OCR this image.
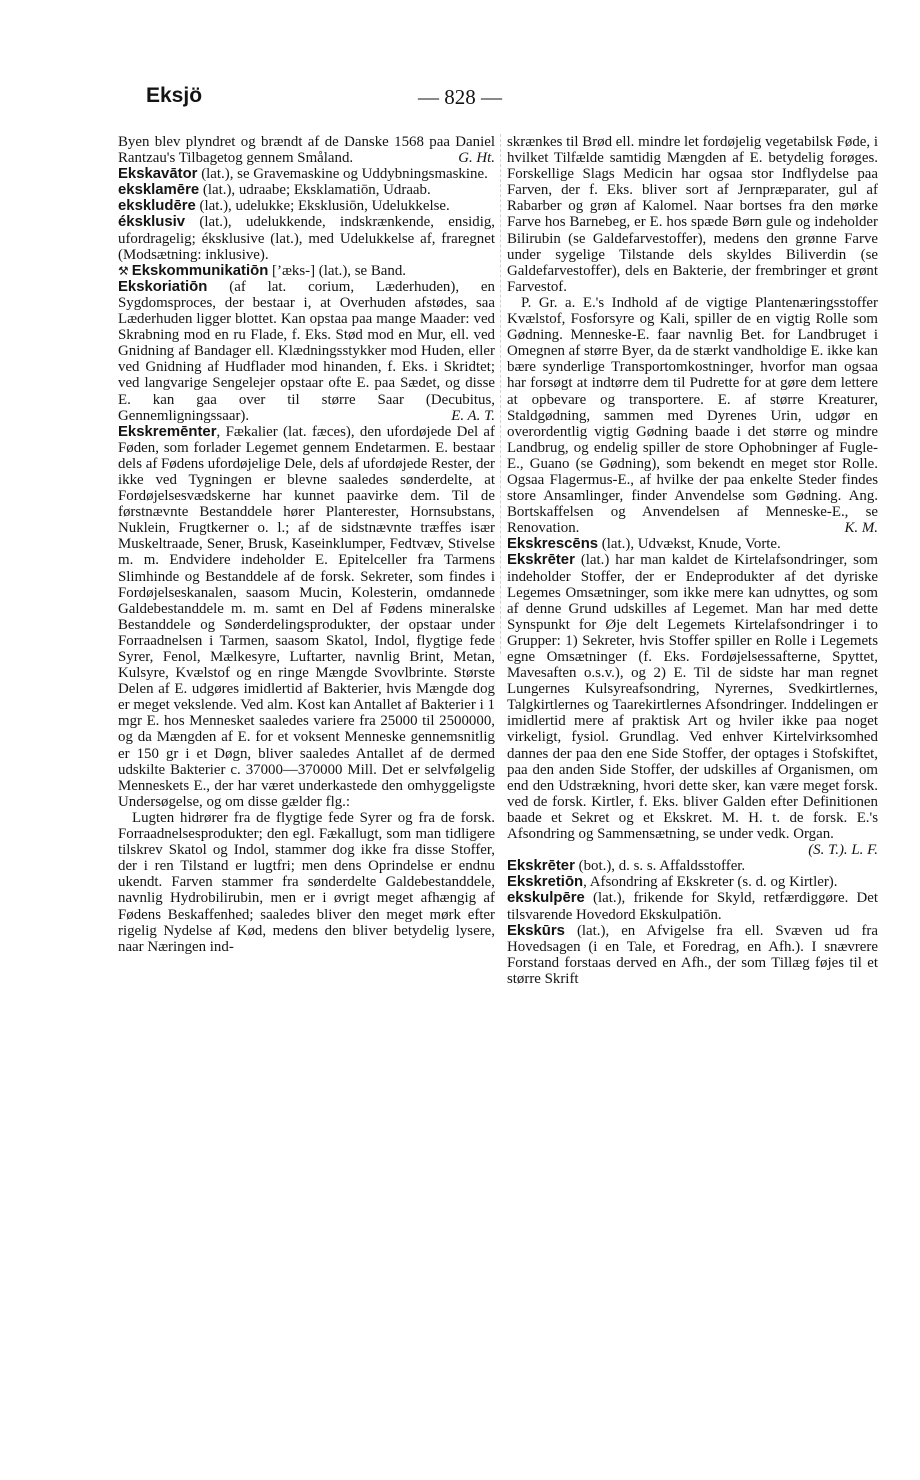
Eksjö	— 828 —

Byen blev plyndret og brændt af de Danske 1568 paa Daniel Rantzau's Tilbagetog gennem Småland.	G. Ht.

Ekskavātor (lat.), se Gravemaskine og Uddybningsmaskine.

eksklamēre (lat.), udraabe; Eksklamatiōn, Udraab.

ekskludēre (lat.), udelukke; Eksklusiōn, Udelukkelse.

éksklusiv (lat.), udelukkende, indskrænkende, ensidig, ufordragelig; éksklusive (lat.), med Udelukkelse af, fraregnet (Modsætning: inklusive).

⚒ Ekskommunikatiōn [’æks-] (lat.), se Band.

Ekskoriatiōn (af lat. corium, Læderhuden), en Sygdomsproces, der bestaar i, at Overhuden afstødes, saa Læderhuden ligger blottet. Kan opstaa paa mange Maader: ved Skrabning mod en ru Flade, f. Eks. Stød mod en Mur, ell. ved Gnidning af Bandager ell. Klædningsstykker mod Huden, eller ved Gnidning af Hudflader mod hinanden, f. Eks. i Skridtet; ved langvarige Sengelejer opstaar ofte E. paa Sædet, og disse E. kan gaa over til større Saar (Decubitus, Gennemligningssaar).	E. A. T.

Ekskremēnter, Fækalier (lat. fæces), den ufordøjede Del af Føden, som forlader Legemet gennem Endetarmen. E. bestaar dels af Fødens ufordøjelige Dele, dels af ufordøjede Rester, der ikke ved Tygningen er blevne saaledes sønderdelte, at Fordøjelsesvædskerne har kunnet paavirke dem. Til de førstnævnte Bestanddele hører Planterester, Hornsubstans, Nuklein, Frugtkerner o. l.; af de sidstnævnte træffes især Muskeltraade, Sener, Brusk, Kaseinklumper, Fedtvæv, Stivelse m. m. Endvidere indeholder E. Epitelceller fra Tarmens Slimhinde og Bestanddele af de forsk. Sekreter, som findes i Fordøjelseskanalen, saasom Mucin, Kolesterin, omdannede Galdebestanddele m. m. samt en Del af Fødens mineralske Bestanddele og Sønderdelingsprodukter, der opstaar under Forraadnelsen i Tarmen, saasom Skatol, Indol, flygtige fede Syrer, Fenol, Mælkesyre, Luftarter, navnlig Brint, Metan, Kulsyre, Kvælstof og en ringe Mængde Svovlbrinte. Største Delen af E. udgøres imidlertid af Bakterier, hvis Mængde dog er meget vekslende. Ved alm. Kost kan Antallet af Bakterier i 1 mgr E. hos Mennesket saaledes variere fra 25000 til 2500000, og da Mængden af E. for et voksent Menneske gennemsnitlig er 150 gr i et Døgn, bliver saaledes Antallet af de dermed udskilte Bakterier c. 37000—370000 Mill. Det er selvfølgelig Menneskets E., der har været underkastede den omhyggeligste Undersøgelse, og om disse gælder flg.:

Lugten hidrører fra de flygtige fede Syrer og fra de forsk. Forraadnelsesprodukter; den egl. Fækallugt, som man tidligere tilskrev Skatol og Indol, stammer dog ikke fra disse Stoffer, der i ren Tilstand er lugtfri; men dens Oprindelse er endnu ukendt. Farven stammer fra sønderdelte Galdebestanddele, navnlig Hydrobilirubin, men er i øvrigt meget afhængig af Fødens Beskaffenhed; saaledes bliver den meget mørk efter rigelig Nydelse af Kød, medens den bliver betydelig lysere, naar Næringen ind-

skrænkes til Brød ell. mindre let fordøjelig vegetabilsk Føde, i hvilket Tilfælde samtidig Mængden af E. betydelig forøges. Forskellige Slags Medicin har ogsaa stor Indflydelse paa Farven, der f. Eks. bliver sort af Jernpræparater, gul af Rabarber og grøn af Kalomel. Naar bortses fra den mørke Farve hos Barnebeg, er E. hos spæde Børn gule og indeholder Bilirubin (se Galdefarvestoffer), medens den grønne Farve under sygelige Tilstande dels skyldes Biliverdin (se Galdefarvestoffer), dels en Bakterie, der frembringer et grønt Farvestof.

P. Gr. a. E.'s Indhold af de vigtige Plantenæringsstoffer Kvælstof, Fosforsyre og Kali, spiller de en vigtig Rolle som Gødning. Menneske-E. faar navnlig Bet. for Landbruget i Omegnen af større Byer, da de stærkt vandholdige E. ikke kan bære synderlige Transportomkostninger, hvorfor man ogsaa har forsøgt at indtørre dem til Pudrette for at gøre dem lettere at opbevare og transportere. E. af større Kreaturer, Staldgødning, sammen med Dyrenes Urin, udgør en overordentlig vigtig Gødning baade i det større og mindre Landbrug, og endelig spiller de store Ophobninger af Fugle-E., Guano (se Gødning), som bekendt en meget stor Rolle. Ogsaa Flagermus-E., af hvilke der paa enkelte Steder findes store Ansamlinger, finder Anvendelse som Gødning. Ang. Bortskaffelsen og Anvendelsen af Menneske-E., se Renovation.	K. M.

Ekskrescēns (lat.), Udvækst, Knude, Vorte.

Ekskrēter (lat.) har man kaldet de Kirtelafsondringer, som indeholder Stoffer, der er Endeprodukter af det dyriske Legemes Omsætninger, som ikke mere kan udnyttes, og som af denne Grund udskilles af Legemet. Man har med dette Synspunkt for Øje delt Legemets Kirtelafsondringer i to Grupper: 1) Sekreter, hvis Stoffer spiller en Rolle i Legemets egne Omsætninger (f. Eks. Fordøjelsessafterne, Spyttet, Mavesaften o.s.v.), og 2) E. Til de sidste har man regnet Lungernes Kulsyreafsondring, Nyrernes, Svedkirtlernes, Talgkirtlernes og Taarekirtlernes Afsondringer. Inddelingen er imidlertid mere af praktisk Art og hviler ikke paa noget virkeligt, fysiol. Grundlag. Ved enhver Kirtelvirksomhed dannes der paa den ene Side Stoffer, der optages i Stofskiftet, paa den anden Side Stoffer, der udskilles af Organismen, om end den Udstrækning, hvori dette sker, kan være meget forsk. ved de forsk. Kirtler, f. Eks. bliver Galden efter Definitionen baade et Sekret og et Ekskret. M. H. t. de forsk. E.'s Afsondring og Sammensætning, se under vedk. Organ.
(S. T.). L. F.

Ekskrēter (bot.), d. s. s. Affaldsstoffer.

Ekskretiōn, Afsondring af Ekskreter (s. d. og Kirtler).

ekskulpēre (lat.), frikende for Skyld, retfærdiggøre. Det tilsvarende Hovedord Ekskulpatiōn.

Ekskūrs (lat.), en Afvigelse fra ell. Svæven ud fra Hovedsagen (i en Tale, et Foredrag, en Afh.). I snævrere Forstand forstaas derved en Afh., der som Tillæg føjes til et større Skrift
